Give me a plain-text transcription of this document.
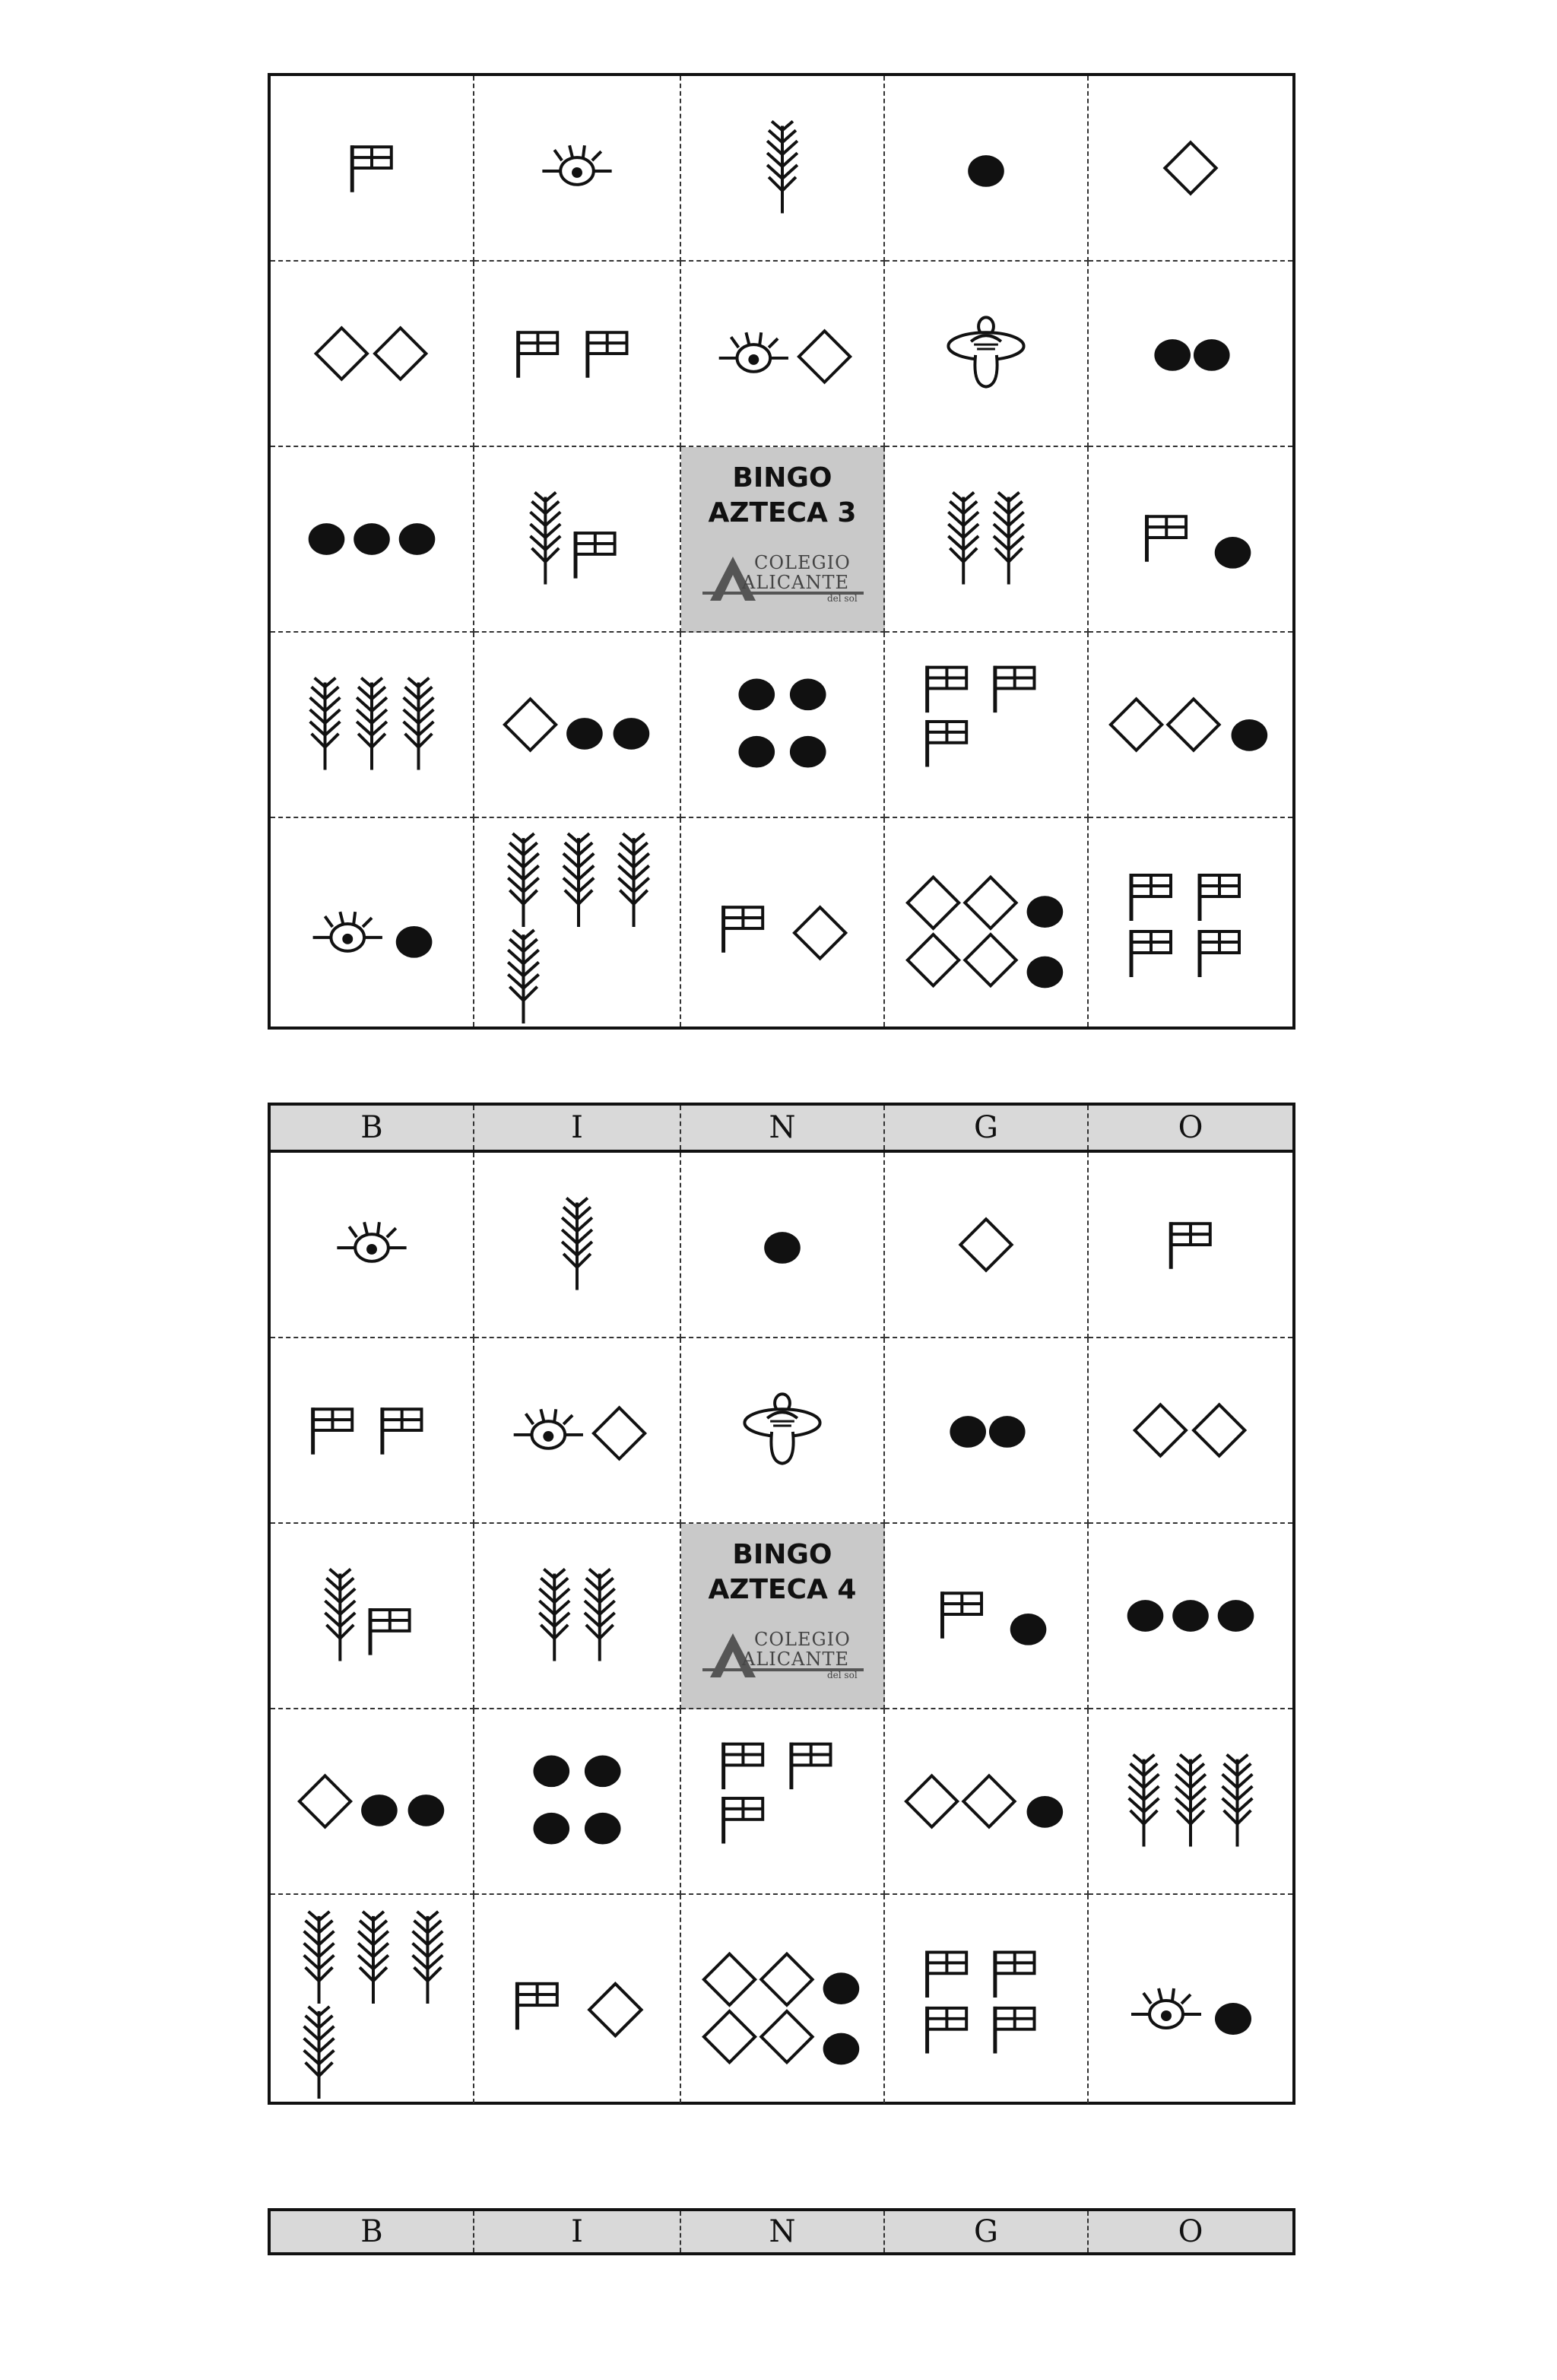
BINGO
AZTECA 3
COLEGIO
ALICANTE
del sol
B	I	N	G	O
BINGO
AZTECA 4
COLEGIO
ALICANTE
del sol
B	I	N	G	O
